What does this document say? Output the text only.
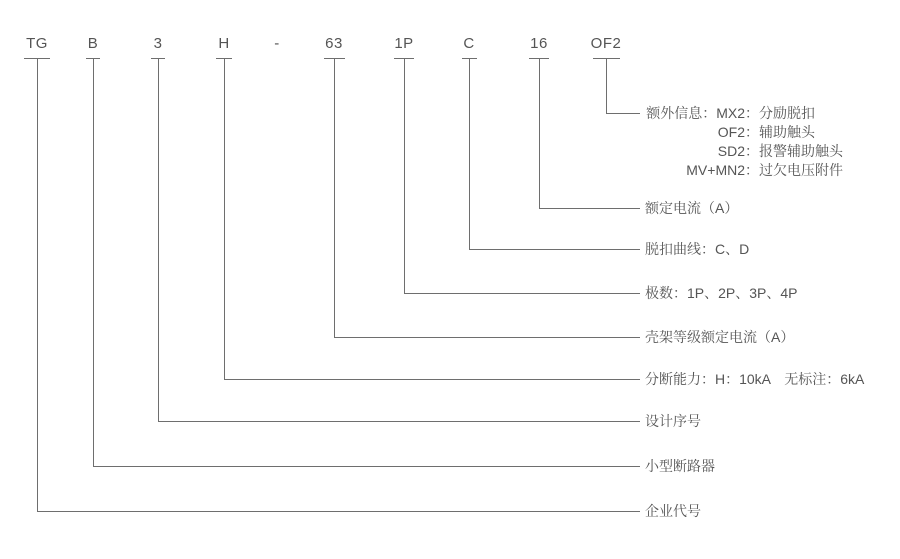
TG	B	3	H	-	63	1P	C	16	OF2
额定电流（A）
脱扣曲线：C、D
极数：1P、2P、3P、4P
壳架等级额定电流（A）
分断能力：H：10kA　无标注：6kA
设计序号
小型断路器
企业代号
额外信息：MX2 ： 分励脱扣
OF2 ： 辅助触头
SD2 ： 报警辅助触头
MV+MN2 ： 过欠电压附件
